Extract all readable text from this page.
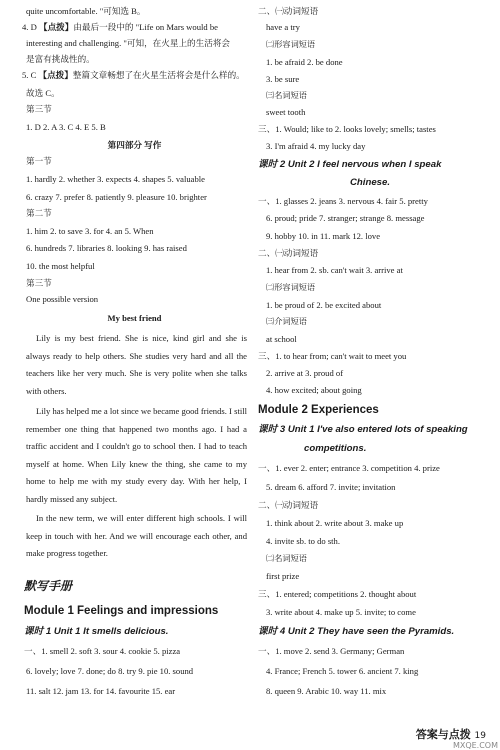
quite uncomfortable. "可知选 B。
4. D 【点拨】由最后一段中的 "Life on Mars would be
interesting and challenging. "可知，在火星上的生活将会
是富有挑战性的。
5. C 【点拨】整篇文章畅想了在火星生活将会是什么样的。
故选 C。
第三节
1. D 2. A 3. C 4. E 5. B
第四部分 写作
第一节
1. hardly 2. whether 3. expects 4. shapes 5. valuable
6. crazy 7. prefer 8. patiently 9. pleasure 10. brighter
第二节
1. him 2. to save 3. for 4. an 5. When
6. hundreds 7. libraries 8. looking 9. has raised
10. the most helpful
第三节
One possible version
My best friend
Lily is my best friend. She is nice, kind girl and she is always ready to help others. She studies very hard and all the teachers like her very much. She is very polite when she talks with others.
Lily has helped me a lot since we became good friends. I still remember one thing that happened two months ago. I had a traffic accident and I couldn't go to school then. I had to teach myself at home. When Lily knew the thing, she came to my home to help me with my study every day. With her help, I hardly missed any subject.
In the new term, we will enter different high schools. I will keep in touch with her. And we will encourage each other, and make progress together.
默写手册
Module 1 Feelings and impressions
课时 1 Unit 1 It smells delicious.
一、1. smell 2. soft 3. sour 4. cookie 5. pizza
6. lovely; love 7. done; do 8. try 9. pie 10. sound
11. salt 12. jam 13. for 14. favourite 15. ear
二、㈠动词短语
have a try
㈡形容词短语
1. be afraid 2. be done
3. be sure
㈢名词短语
sweet tooth
三、1. Would; like to 2. looks lovely; smells; tastes
3. I'm afraid 4. my lucky day
课时 2 Unit 2 I feel nervous when I speak
Chinese.
一、1. glasses 2. jeans 3. nervous 4. fair 5. pretty
6. proud; pride 7. stranger; strange 8. message
9. hobby 10. in 11. mark 12. love
二、㈠动词短语
1. hear from 2. sb. can't wait 3. arrive at
㈡形容词短语
1. be proud of 2. be excited about
㈢介词短语
at school
三、1. to hear from; can't wait to meet you
2. arrive at 3. proud of
4. how excited; about going
Module 2 Experiences
课时 3 Unit 1 I've also entered lots of speaking
competitions.
一、1. ever 2. enter; entrance 3. competition 4. prize
5. dream 6. afford 7. invite; invitation
二、㈠动词短语
1. think about 2. write about 3. make up
4. invite sb. to do sth.
㈡名词短语
first prize
三、1. entered; competitions 2. thought about
3. write about 4. make up 5. invite; to come
课时 4 Unit 2 They have seen the Pyramids.
一、1. move 2. send 3. Germany; German
4. France; French 5. tower 6. ancient 7. king
8. queen 9. Arabic 10. way 11. mix
答案与点拨 19
MXQE.COM
